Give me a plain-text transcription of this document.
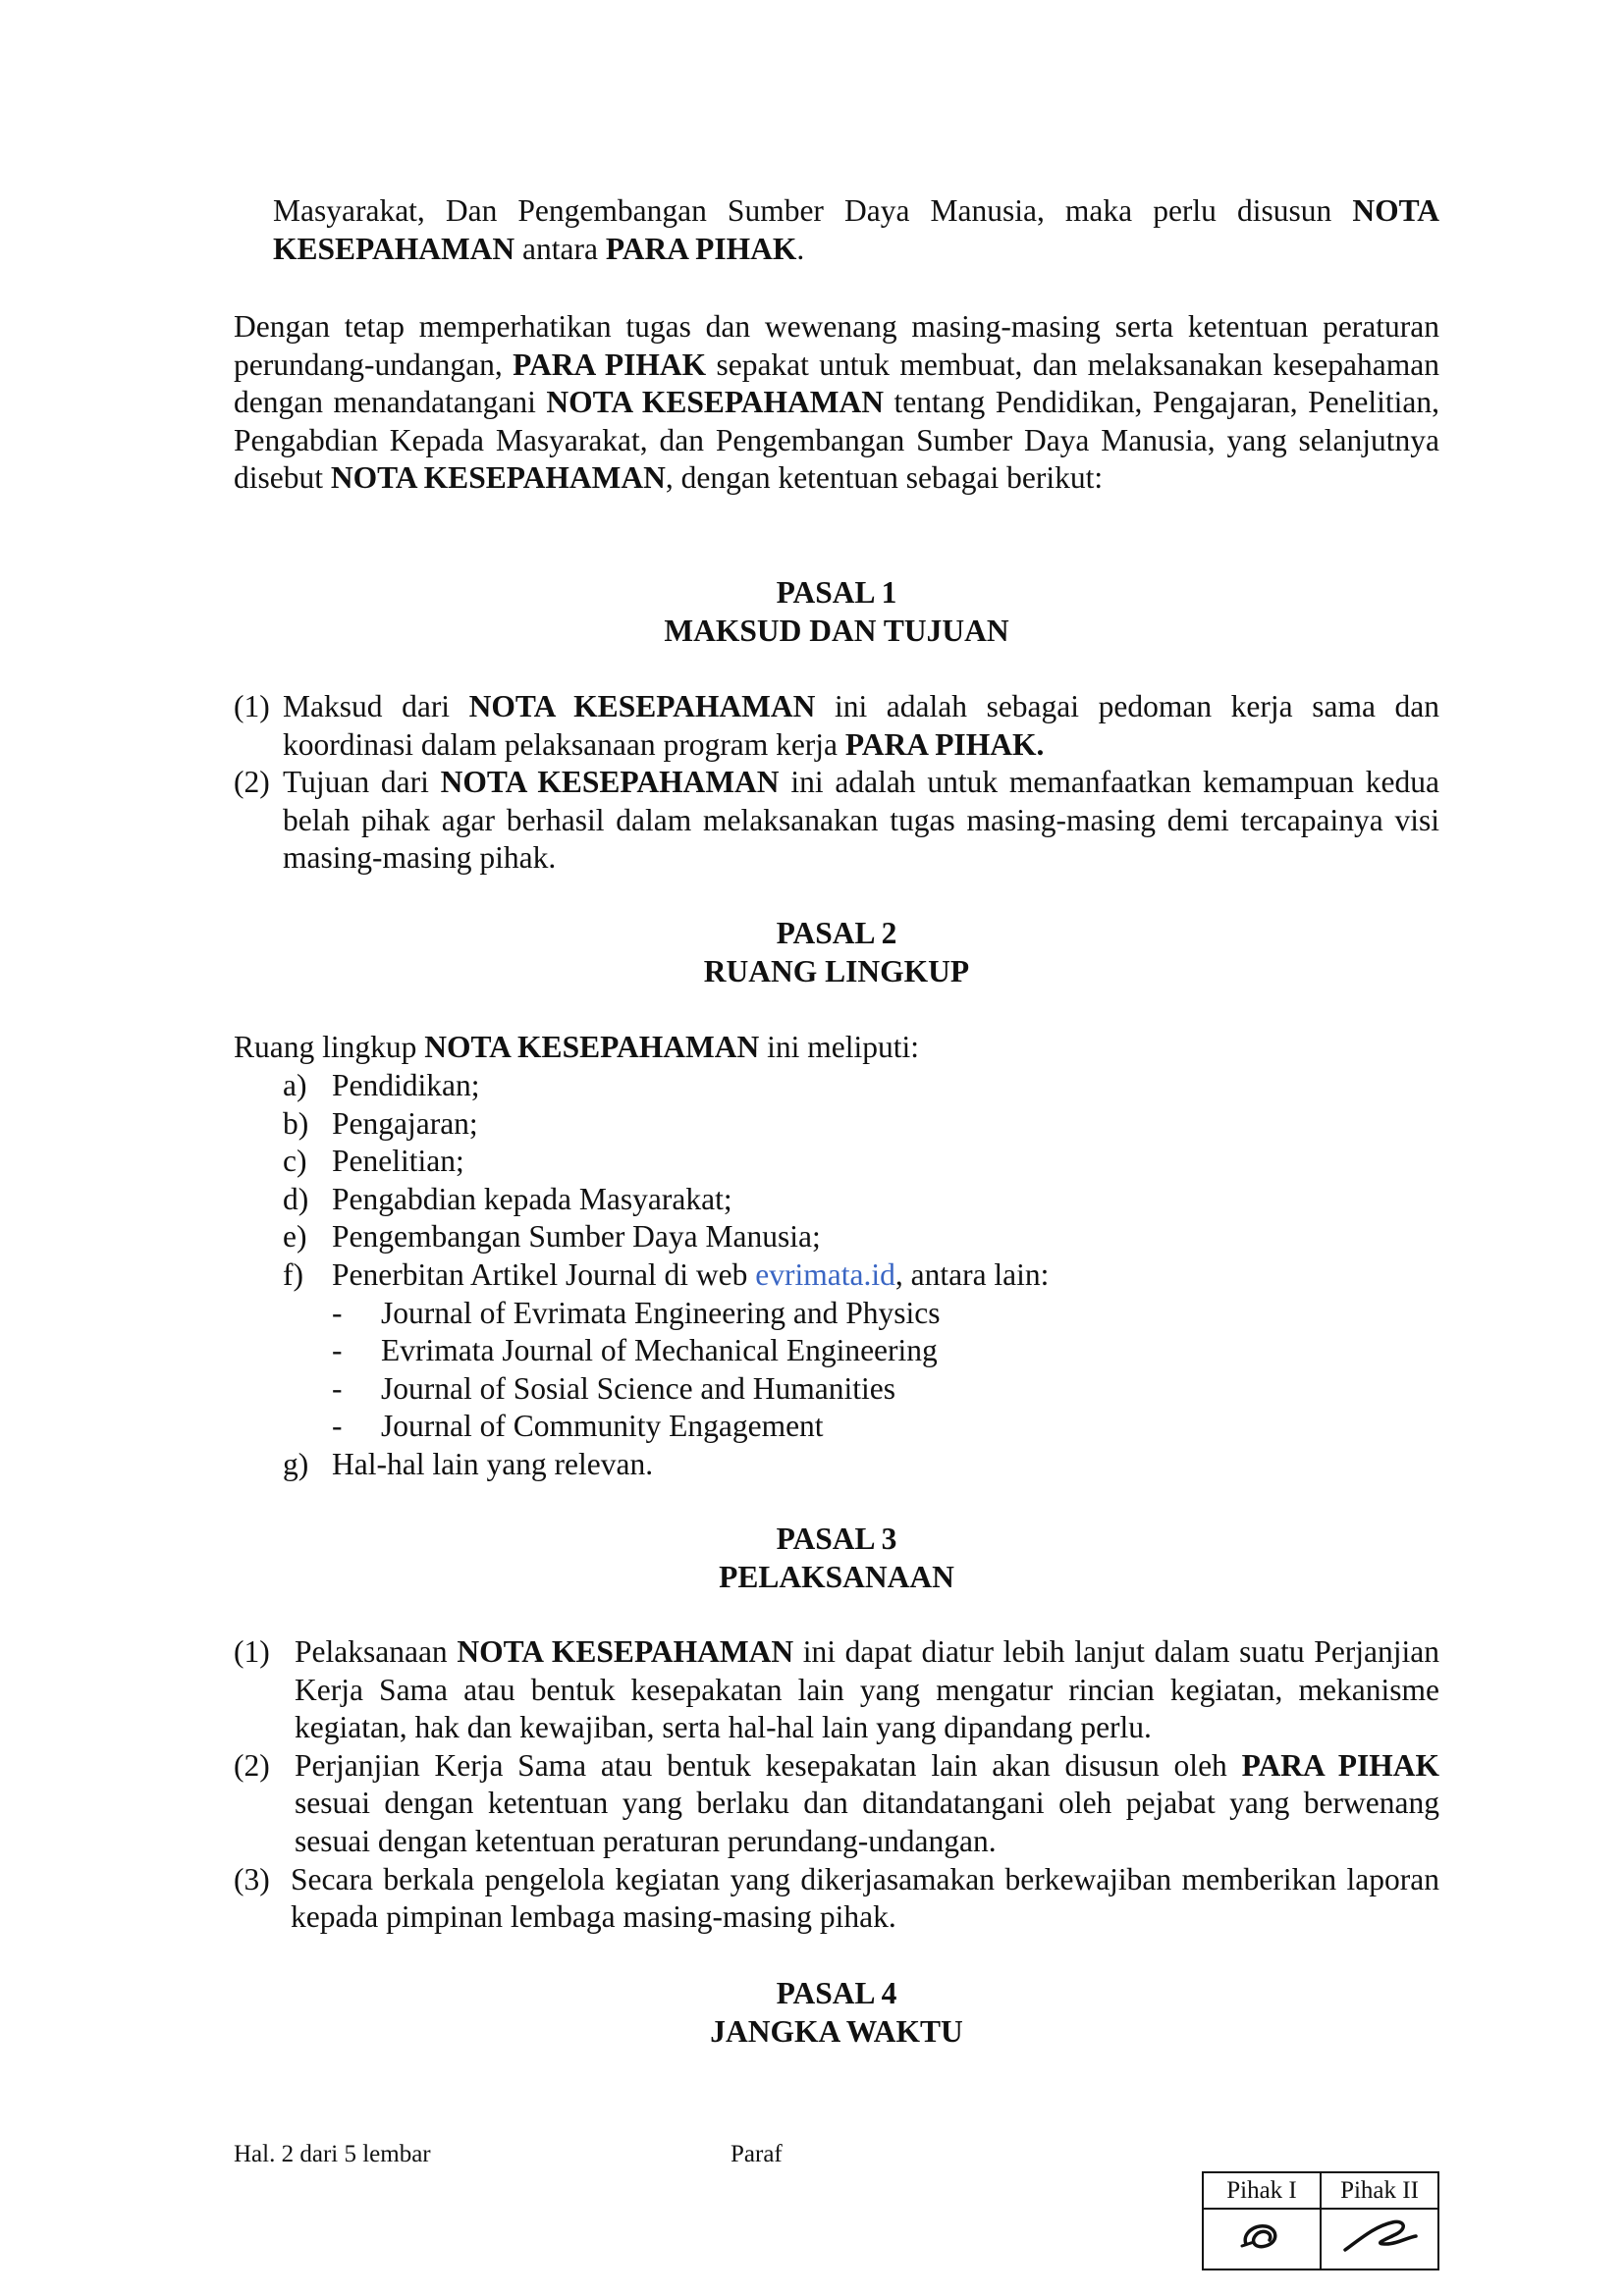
Masyarakat, Dan Pengembangan Sumber Daya Manusia, maka perlu disusun NOTA KESEPAHAMAN antara PARA PIHAK.

Dengan tetap memperhatikan tugas dan wewenang masing-masing serta ketentuan peraturan perundang-undangan, PARA PIHAK sepakat untuk membuat, dan melaksanakan kesepahaman dengan menandatangani NOTA KESEPAHAMAN tentang Pendidikan, Pengajaran, Penelitian, Pengabdian Kepada Masyarakat, dan Pengembangan Sumber Daya Manusia, yang selanjutnya disebut NOTA KESEPAHAMAN, dengan ketentuan sebagai berikut:

PASAL 1
MAKSUD DAN TUJUAN
(1) Maksud dari NOTA KESEPAHAMAN ini adalah sebagai pedoman kerja sama dan koordinasi dalam pelaksanaan program kerja PARA PIHAK.
(2) Tujuan dari NOTA KESEPAHAMAN ini adalah untuk memanfaatkan kemampuan kedua belah pihak agar berhasil dalam melaksanakan tugas masing-masing demi tercapainya visi masing-masing pihak.
PASAL 2
RUANG LINGKUP

Ruang lingkup NOTA KESEPAHAMAN ini meliputi:

a) Pendidikan;
b) Pengajaran;
c) Penelitian;
d) Pengabdian kepada Masyarakat;
e) Pengembangan Sumber Daya Manusia;
f) Penerbitan Artikel Journal di web evrimata.id, antara lain:
- Journal of Evrimata Engineering and Physics
- Evrimata Journal of Mechanical Engineering
- Journal of Sosial Science and Humanities
- Journal of Community Engagement
g) Hal-hal lain yang relevan.
PASAL 3
PELAKSANAAN
(1) Pelaksanaan NOTA KESEPAHAMAN ini dapat diatur lebih lanjut dalam suatu Perjanjian Kerja Sama atau bentuk kesepakatan lain yang mengatur rincian kegiatan, mekanisme kegiatan, hak dan kewajiban, serta hal-hal lain yang dipandang perlu.
(2) Perjanjian Kerja Sama atau bentuk kesepakatan lain akan disusun oleh PARA PIHAK sesuai dengan ketentuan yang berlaku dan ditandatangani oleh pejabat yang berwenang sesuai dengan ketentuan peraturan perundang-undangan.
(3) Secara berkala pengelola kegiatan yang dikerjasamakan berkewajiban memberikan laporan kepada pimpinan lembaga masing-masing pihak.
PASAL 4
JANGKA WAKTU
Hal. 2 dari 5 lembar	Paraf
Pihak I	Pihak II
